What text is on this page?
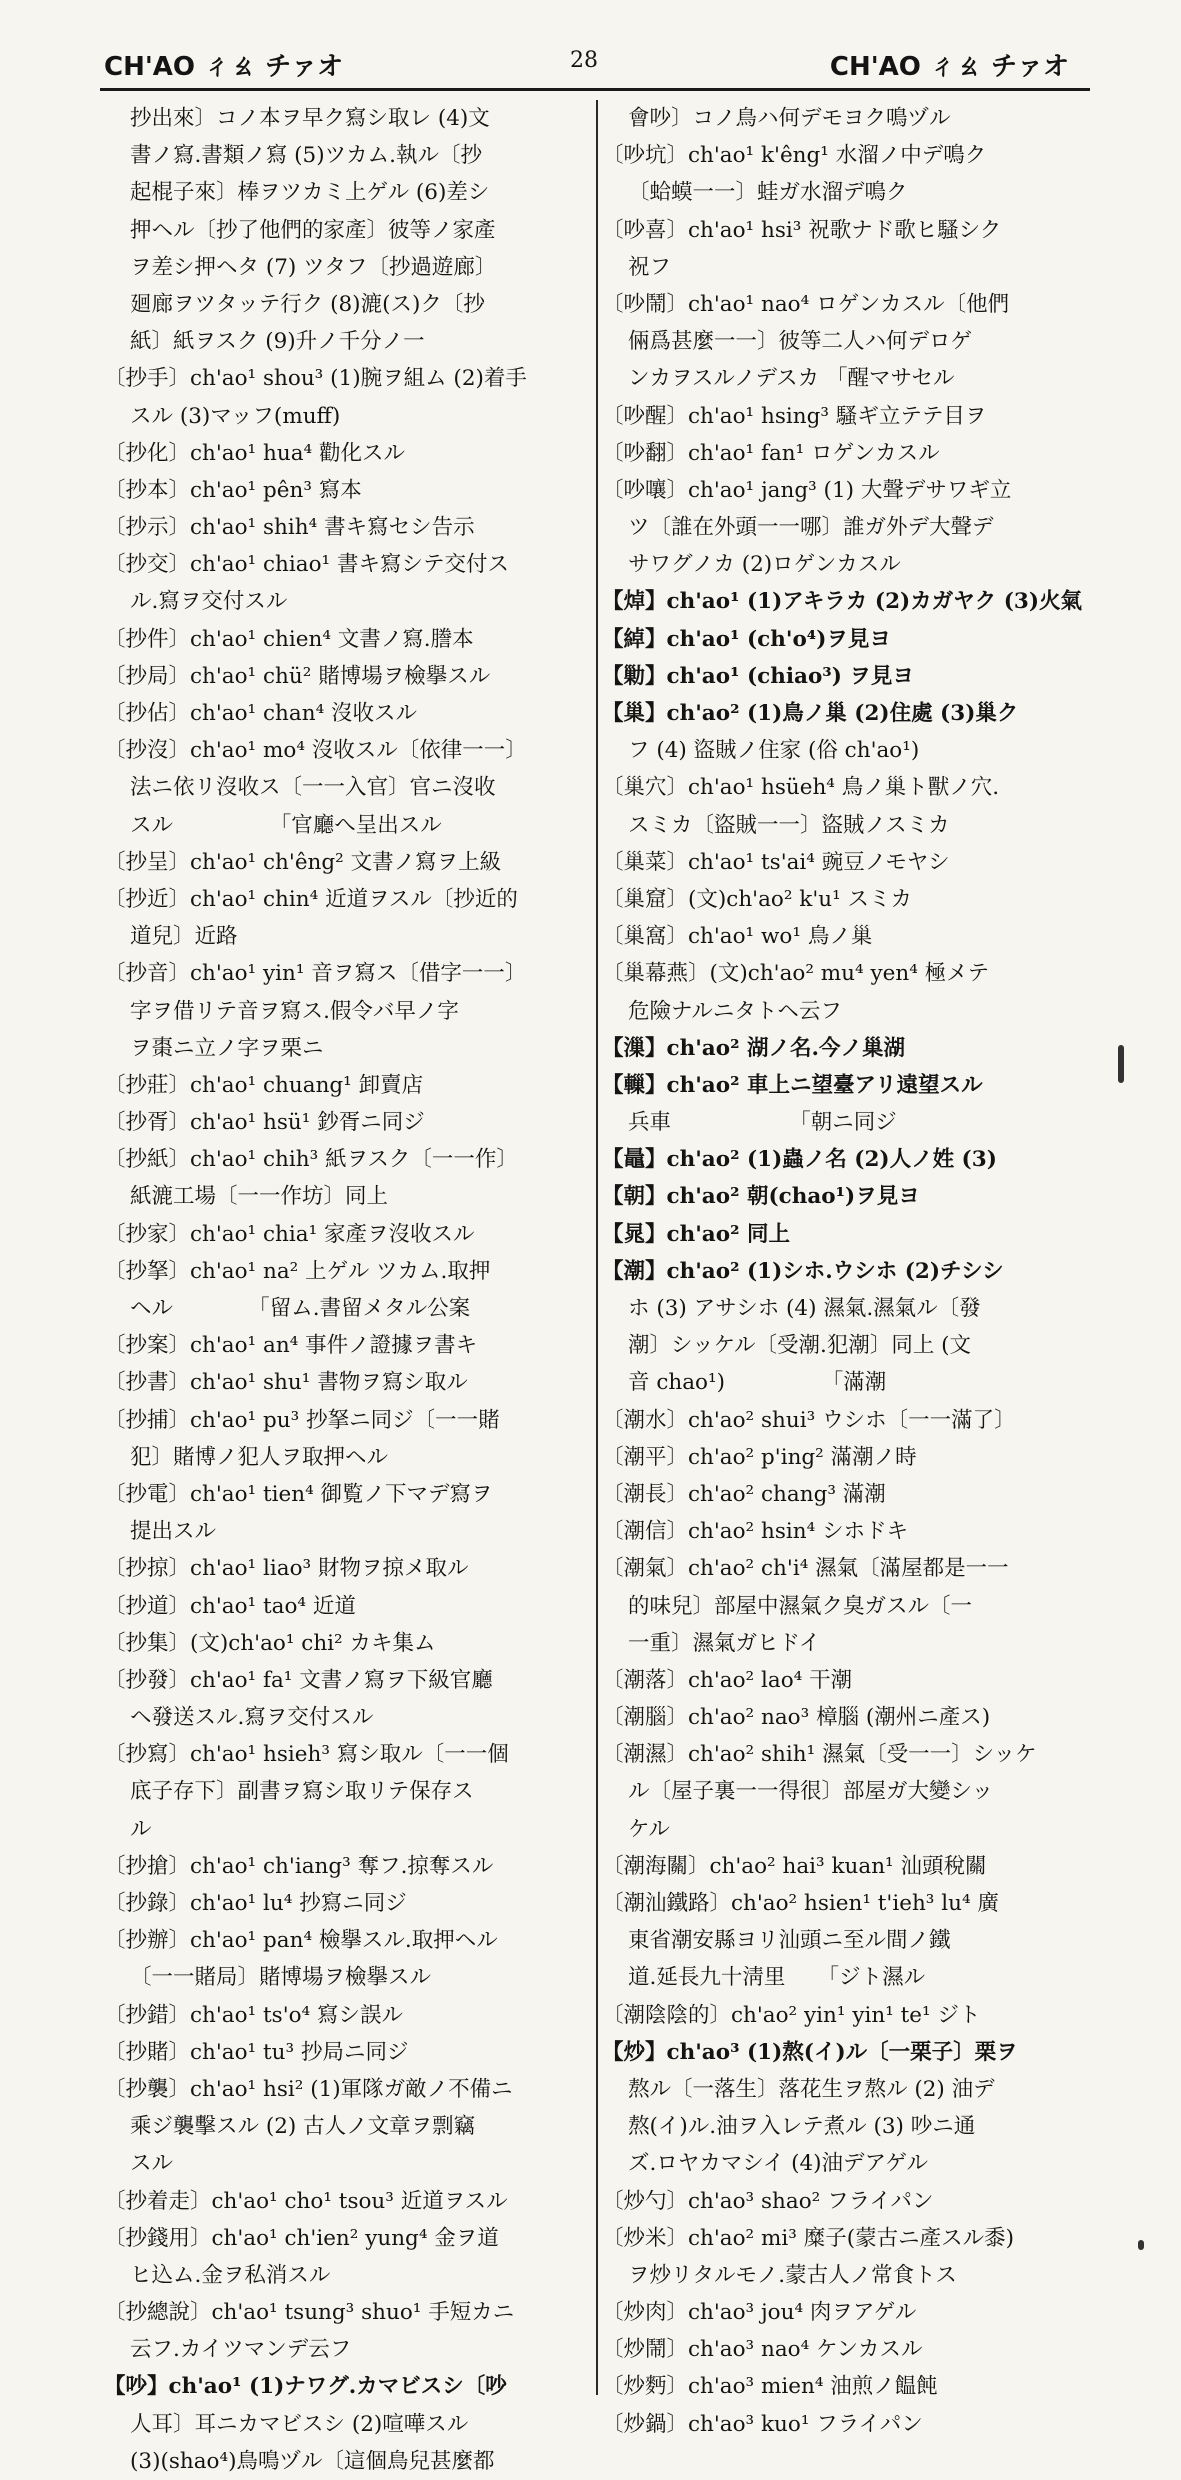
CH'AO ㄔㄠ チァオ	28	CH'AO ㄔㄠ チァオ
抄出來〕コノ本ヲ早ク寫シ取レ (4)文
書ノ寫.書類ノ寫 (5)ツカム.執ル〔抄
起棍子來〕棒ヲツカミ上ゲル (6)差シ
押ヘル〔抄了他們的家產〕彼等ノ家產
ヲ差シ押ヘタ (7) ツタフ〔抄過遊廊〕
廻廊ヲツタッテ行ク (8)漉(ス)ク〔抄
紙〕紙ヲスク (9)升ノ千分ノ一
〔抄手〕ch'ao¹ shou³ (1)腕ヲ組ム (2)着手
スル (3)マッフ(muff)
〔抄化〕ch'ao¹ hua⁴ 勸化スル
〔抄本〕ch'ao¹ pên³ 寫本
〔抄示〕ch'ao¹ shih⁴ 書キ寫セシ告示
〔抄交〕ch'ao¹ chiao¹ 書キ寫シテ交付ス
ル.寫ヲ交付スル
〔抄件〕ch'ao¹ chien⁴ 文書ノ寫.謄本
〔抄局〕ch'ao¹ chü² 賭博場ヲ檢擧スル
〔抄佔〕ch'ao¹ chan⁴ 沒收スル
〔抄沒〕ch'ao¹ mo⁴ 沒收スル〔依律一一〕
法ニ依リ沒收ス〔一一入官〕官ニ沒收
スル　　　　　「官廳へ呈出スル
〔抄呈〕ch'ao¹ ch'êng² 文書ノ寫ヲ上級
〔抄近〕ch'ao¹ chin⁴ 近道ヲスル〔抄近的
道兒〕近路
〔抄音〕ch'ao¹ yin¹ 音ヲ寫ス〔借字一一〕
字ヲ借リテ音ヲ寫ス.假令バ早ノ字
ヲ棗ニ立ノ字ヲ栗ニ
〔抄莊〕ch'ao¹ chuang¹ 卸賣店
〔抄胥〕ch'ao¹ hsü¹ 鈔胥ニ同ジ
〔抄紙〕ch'ao¹ chih³ 紙ヲスク〔一一作〕
紙漉工場〔一一作坊〕同上
〔抄家〕ch'ao¹ chia¹ 家產ヲ沒收スル
〔抄拏〕ch'ao¹ na² 上ゲル ツカム.取押
ヘル　　　　「留ム.書留メタル公案
〔抄案〕ch'ao¹ an⁴ 事件ノ證據ヲ書キ
〔抄書〕ch'ao¹ shu¹ 書物ヲ寫シ取ル
〔抄捕〕ch'ao¹ pu³ 抄拏ニ同ジ〔一一賭
犯〕賭博ノ犯人ヲ取押ヘル
〔抄電〕ch'ao¹ tien⁴ 御覧ノ下マデ寫ヲ
提出スル
〔抄掠〕ch'ao¹ liao³ 財物ヲ掠メ取ル
〔抄道〕ch'ao¹ tao⁴ 近道
〔抄集〕(文)ch'ao¹ chi² カキ集ム
〔抄發〕ch'ao¹ fa¹ 文書ノ寫ヲ下級官廳
ヘ發送スル.寫ヲ交付スル
〔抄寫〕ch'ao¹ hsieh³ 寫シ取ル〔一一個
底子存下〕副書ヲ寫シ取リテ保存ス
ル
〔抄搶〕ch'ao¹ ch'iang³ 奪フ.掠奪スル
〔抄錄〕ch'ao¹ lu⁴ 抄寫ニ同ジ
〔抄辦〕ch'ao¹ pan⁴ 檢擧スル.取押ヘル
〔一一賭局〕賭博場ヲ檢擧スル
〔抄錯〕ch'ao¹ ts'o⁴ 寫シ誤ル
〔抄賭〕ch'ao¹ tu³ 抄局ニ同ジ
〔抄襲〕ch'ao¹ hsi² (1)軍隊ガ敵ノ不備ニ
乘ジ襲擊スル (2) 古人ノ文章ヲ剽竊
スル
〔抄着走〕ch'ao¹ cho¹ tsou³ 近道ヲスル
〔抄錢用〕ch'ao¹ ch'ien² yung⁴ 金ヲ道
ヒ込ム.金ヲ私消スル
〔抄總說〕ch'ao¹ tsung³ shuo¹ 手短カニ
云フ.カイツマンデ云フ
【吵】ch'ao¹ (1)ナワグ.カマビスシ〔吵
人耳〕耳ニカマビスシ (2)喧嘩スル
(3)(shao⁴)鳥鳴ヅル〔這個鳥兒甚麼都
會吵〕コノ鳥ハ何デモヨク鳴ヅル
〔吵坑〕ch'ao¹ k'êng¹ 水溜ノ中デ鳴ク
〔蛤蟆一一〕蛙ガ水溜デ鳴ク
〔吵喜〕ch'ao¹ hsi³ 祝歌ナド歌ヒ騷シク
祝フ
〔吵鬧〕ch'ao¹ nao⁴ ロゲンカスル〔他們
倆爲甚麼一一〕彼等二人ハ何デロゲ
ンカヲスルノデスカ 「醒マサセル
〔吵醒〕ch'ao¹ hsing³ 騷ギ立テテ目ヲ
〔吵翻〕ch'ao¹ fan¹ ロゲンカスル
〔吵嚷〕ch'ao¹ jang³ (1) 大聲デサワギ立
ツ〔誰在外頭一一哪〕誰ガ外デ大聲デ
サワグノカ (2)ロゲンカスル
【焯】ch'ao¹ (1)アキラカ (2)カガヤク (3)火氣
【綽】ch'ao¹ (ch'o⁴)ヲ見ヨ
【勦】ch'ao¹ (chiao³) ヲ見ヨ
【巢】ch'ao² (1)鳥ノ巢 (2)住處 (3)巢ク
フ (4) 盜賊ノ住家 (俗 ch'ao¹)
〔巢穴〕ch'ao¹ hsüeh⁴ 鳥ノ巢ト獸ノ穴.
スミカ〔盜賊一一〕盜賊ノスミカ
〔巢菜〕ch'ao¹ ts'ai⁴ 豌豆ノモヤシ
〔巢窟〕(文)ch'ao² k'u¹ スミカ
〔巢窩〕ch'ao¹ wo¹ 鳥ノ巢
〔巢幕燕〕(文)ch'ao² mu⁴ yen⁴ 極メテ
危險ナルニタトヘ云フ
【漅】ch'ao² 湖ノ名.今ノ巢湖
【轈】ch'ao² 車上ニ望臺アリ遠望スル
兵車　　　　　　「朝ニ同ジ
【鼂】ch'ao² (1)蟲ノ名 (2)人ノ姓 (3)
【朝】ch'ao² 朝(chao¹)ヲ見ヨ
【晁】ch'ao² 同上
【潮】ch'ao² (1)シホ.ウシホ (2)チシシ
ホ (3) アサシホ (4) 濕氣.濕氣ル〔發
潮〕シッケル〔受潮.犯潮〕同上 (文
音 chao¹)　　　　　「滿潮
〔潮水〕ch'ao² shui³ ウシホ〔一一滿了〕
〔潮平〕ch'ao² p'ing² 滿潮ノ時
〔潮長〕ch'ao² chang³ 滿潮
〔潮信〕ch'ao² hsin⁴ シホドキ
〔潮氣〕ch'ao² ch'i⁴ 濕氣〔滿屋都是一一
的味兒〕部屋中濕氣ク臭ガスル〔一
一重〕濕氣ガヒドイ
〔潮落〕ch'ao² lao⁴ 干潮
〔潮腦〕ch'ao² nao³ 樟腦 (潮州ニ產ス)
〔潮濕〕ch'ao² shih¹ 濕氣〔受一一〕シッケ
ル〔屋子裏一一得很〕部屋ガ大變シッ
ケル
〔潮海關〕ch'ao² hai³ kuan¹ 汕頭稅關
〔潮汕鐵路〕ch'ao² hsien¹ t'ieh³ lu⁴ 廣
東省潮安縣ヨリ汕頭ニ至ル間ノ鐵
道.延長九十淸里　　「ジト濕ル
〔潮陰陰的〕ch'ao² yin¹ yin¹ te¹ ジト
【炒】ch'ao³ (1)熬(イ)ル〔一栗子〕栗ヲ
熬ル〔一落生〕落花生ヲ熬ル (2) 油デ
熬(イ)ル.油ヲ入レテ煮ル (3) 吵ニ通
ズ.ロヤカマシイ (4)油デアゲル
〔炒勺〕ch'ao³ shao² フライパン
〔炒米〕ch'ao² mi³ 糜子(蒙古ニ產スル黍)
ヲ炒リタルモノ.蒙古人ノ常食トス
〔炒肉〕ch'ao³ jou⁴ 肉ヲアゲル
〔炒鬧〕ch'ao³ nao⁴ ケンカスル
〔炒麪〕ch'ao³ mien⁴ 油煎ノ饂飩
〔炒鍋〕ch'ao³ kuo¹ フライパン
